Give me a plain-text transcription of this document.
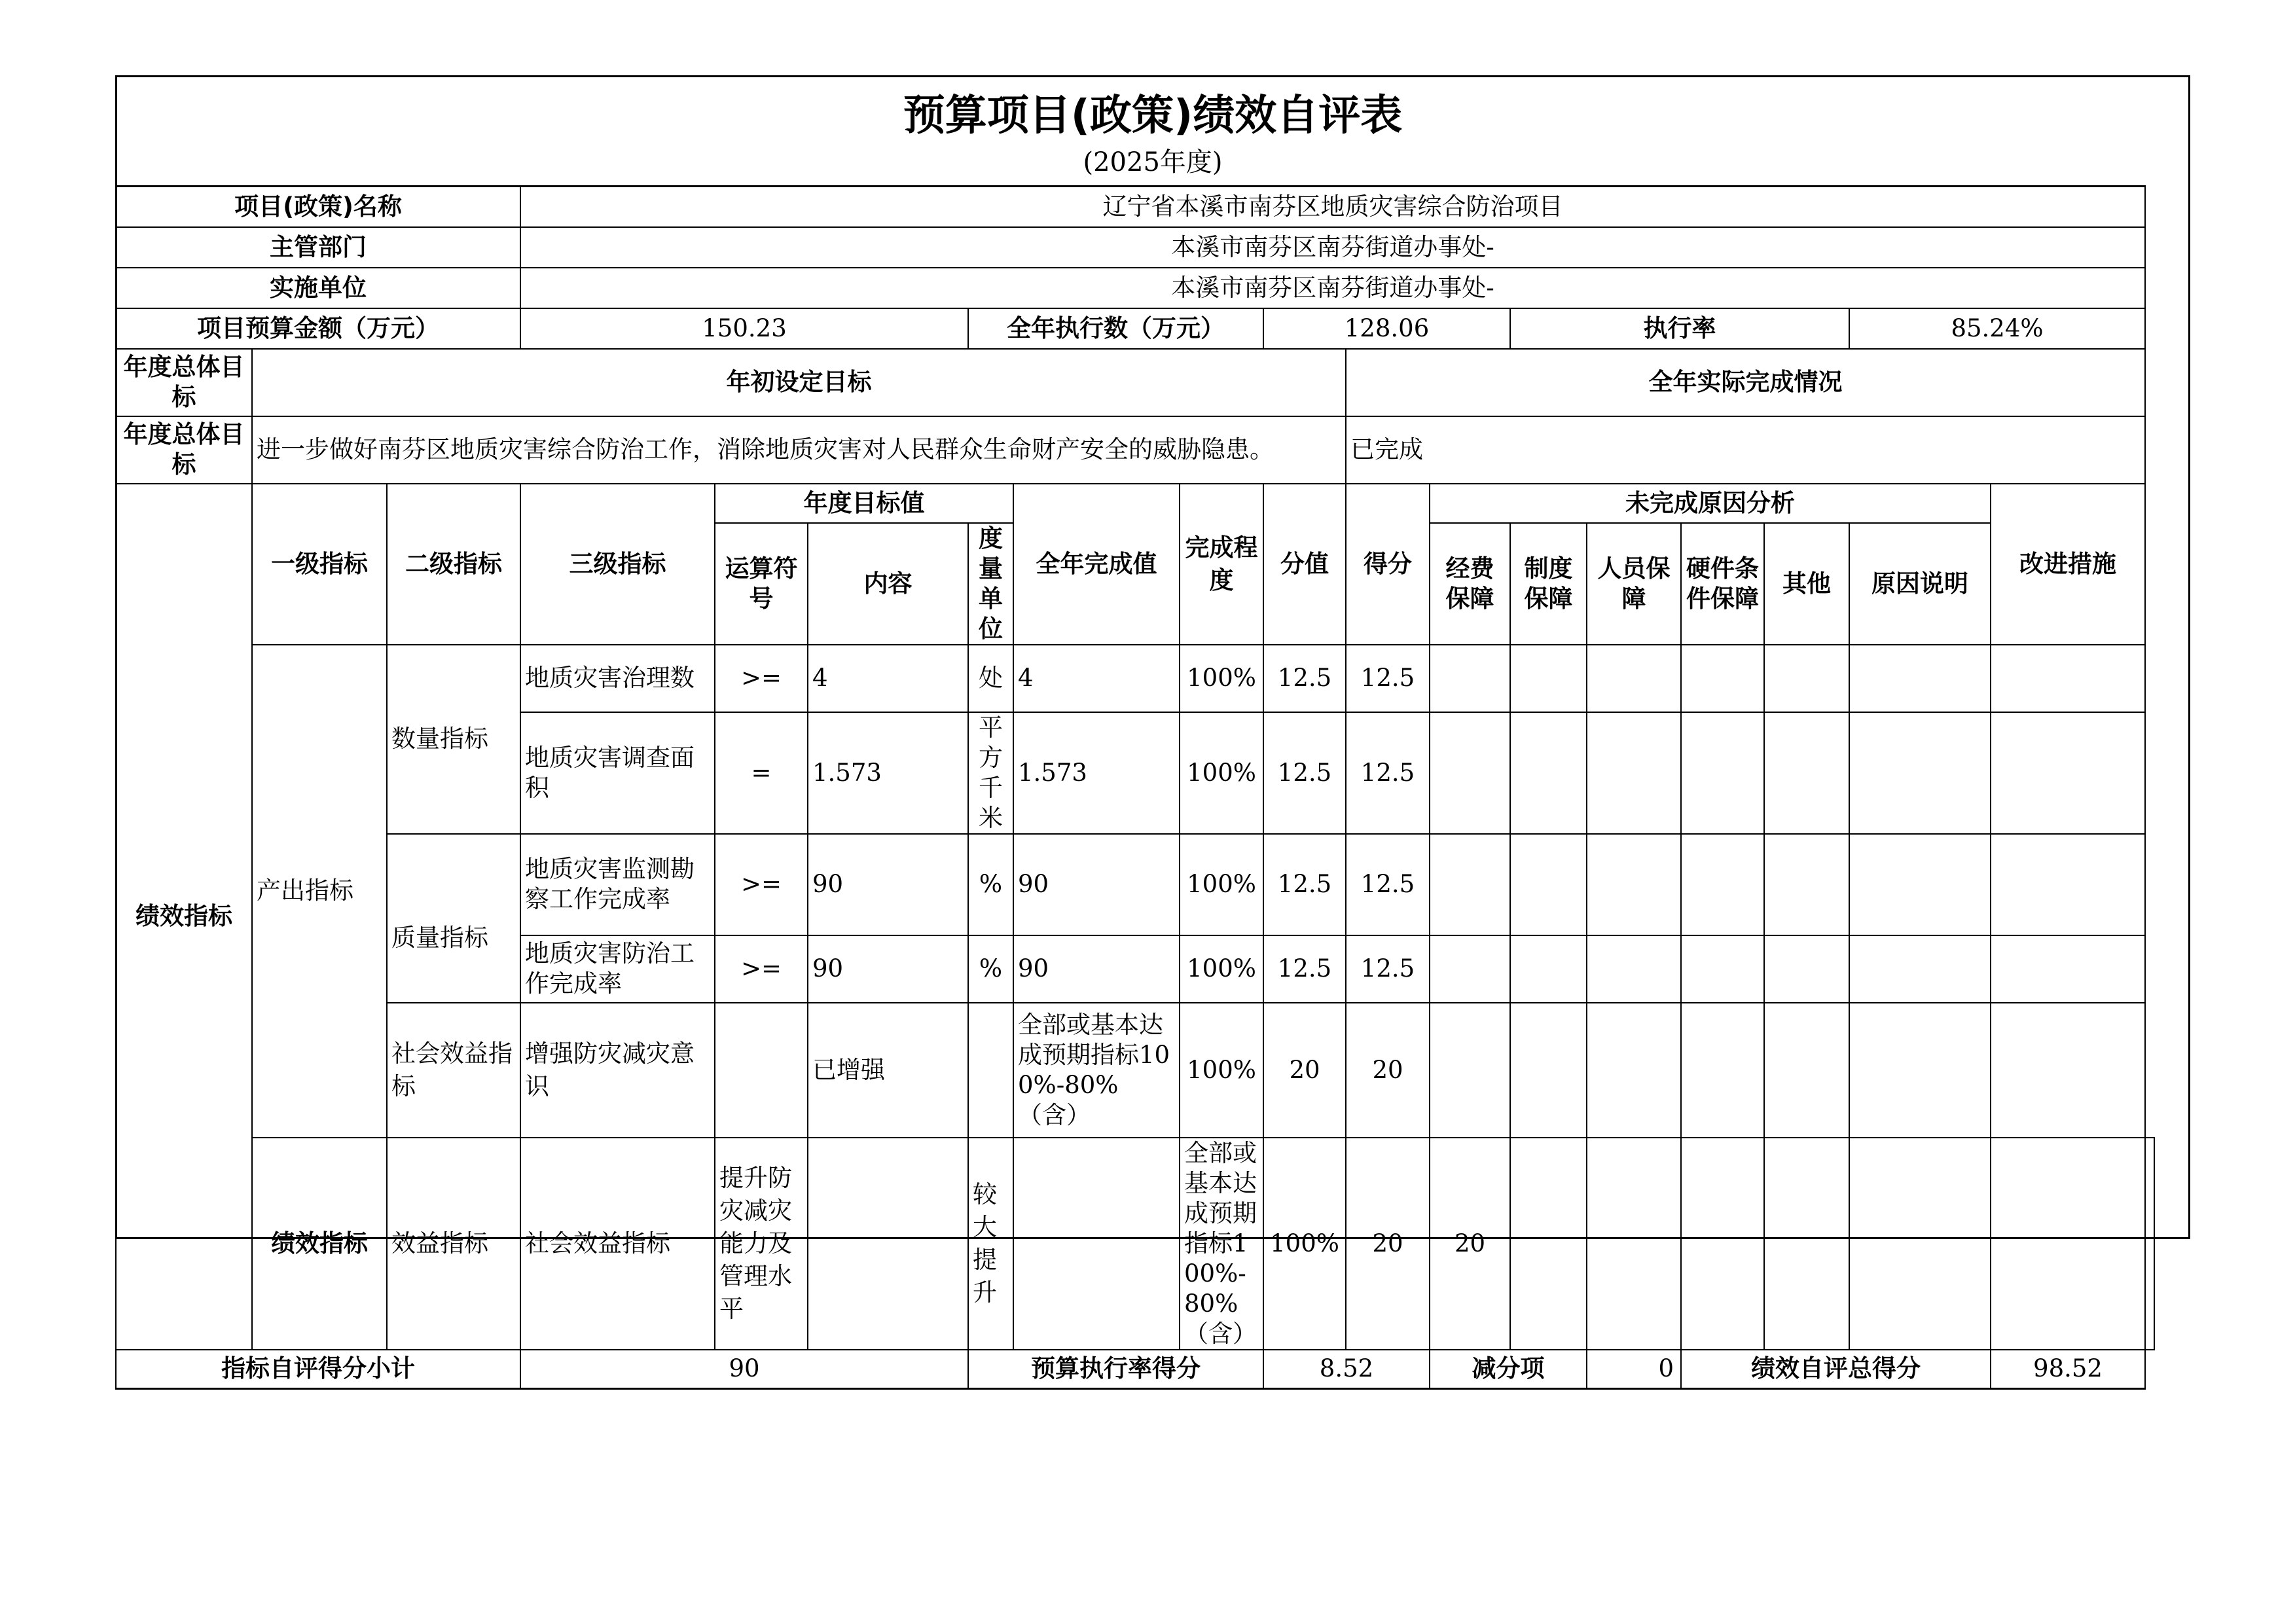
预算项目(政策)绩效自评表
(2025年度)
项目(政策)名称			辽宁省本溪市南芬区地质灾害综合防治项目															
主管部门			本溪市南芬区南芬街道办事处-															
实施单位			本溪市南芬区南芬街道办事处-															
项目预算金额（万元）			150.23			全年执行数（万元）			128.06			执行率				85.24%		
年度总体目标	年初设定目标									全年实际完成情况								
年度总体目标	进一步做好南芬区地质灾害综合防治工作，消除地质灾害对人民群众生命财产安全的威胁隐患。									已完成								
绩效指标	一级指标	二级指标	三级指标	年度目标值			全年完成值	完成程度	分值	得分	未完成原因分析						改进措施	
				运算符号	内容	度量单位					经费保障	制度保障	人员保障	硬件条件保障	其他	原因说明		
	产出指标	数量指标	地质灾害治理数	>=	4	处	4	100%	12.5	12.5								
			地质灾害调查面积	=	1.573	平方千米	1.573	100%	12.5	12.5								
		质量指标	地质灾害监测勘察工作完成率	>=	90	%	90	100%	12.5	12.5								
			地质灾害防治工作完成率	>=	90	%	90	100%	12.5	12.5								
		社会效益指标	增强防灾减灾意识		已增强		全部或基本达成预期指标100%-80%（含）	100%	20	20								
	绩效指标	效益指标	社会效益指标	提升防灾减灾能力及管理水平		较大提升		全部或基本达成预期指标100%-80%（含）	100%	20	20							
指标自评得分小计			90			预算执行率得分			8.52		减分项		0	绩效自评总得分			98.52	
